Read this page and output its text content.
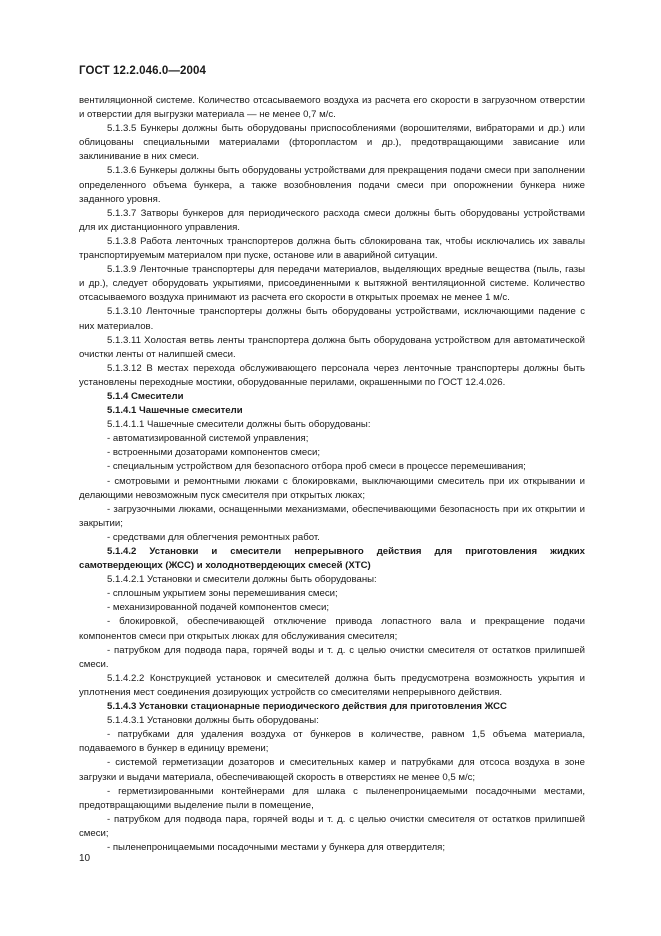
ГОСТ 12.2.046.0—2004

вентиляционной системе. Количество отсасываемого воздуха из расчета его скорости в загрузочном отверстии и отверстии для выгрузки материала — не менее 0,7 м/с.

5.1.3.5 Бункеры должны быть оборудованы приспособлениями (ворошителями, вибраторами и др.) или облицованы специальными материалами (фторопластом и др.), предотвращающими зависание или заклинивание в них смеси.

5.1.3.6 Бункеры должны быть оборудованы устройствами для прекращения подачи смеси при заполнении определенного объема бункера, а также возобновления подачи смеси при опорожнении бункера ниже заданного уровня.

5.1.3.7 Затворы бункеров для периодического расхода смеси должны быть оборудованы устройствами для их дистанционного управления.

5.1.3.8 Работа ленточных транспортеров должна быть сблокирована так, чтобы исключались их завалы транспортируемым материалом при пуске, останове или в аварийной ситуации.

5.1.3.9 Ленточные транспортеры для передачи материалов, выделяющих вредные вещества (пыль, газы и др.), следует оборудовать укрытиями, присоединенными к вытяжной вентиляционной системе. Количество отсасываемого воздуха принимают из расчета его скорости в открытых проемах не менее 1 м/с.

5.1.3.10 Ленточные транспортеры должны быть оборудованы устройствами, исключающими падение с них материалов.

5.1.3.11 Холостая ветвь ленты транспортера должна быть оборудована устройством для автоматической очистки ленты от налипшей смеси.

5.1.3.12 В местах перехода обслуживающего персонала через ленточные транспортеры должны быть установлены переходные мостики, оборудованные перилами, окрашенными по ГОСТ 12.4.026.

5.1.4 Смесители

5.1.4.1 Чашечные смесители

5.1.4.1.1 Чашечные смесители должны быть оборудованы:

- автоматизированной системой управления;

- встроенными дозаторами компонентов смеси;

- специальным устройством для безопасного отбора проб смеси в процессе перемешивания;

- смотровыми и ремонтными люками с блокировками, выключающими смеситель при их открывании и делающими невозможным пуск смесителя при открытых люках;

- загрузочными люками, оснащенными механизмами, обеспечивающими безопасность при их открытии и закрытии;

- средствами для облегчения ремонтных работ.

5.1.4.2 Установки и смесители непрерывного действия для приготовления жидких самотвердеющих (ЖСС) и холоднотвердеющих смесей (ХТС)

5.1.4.2.1 Установки и смесители должны быть оборудованы:

- сплошным укрытием зоны перемешивания смеси;

- механизированной подачей компонентов смеси;

- блокировкой, обеспечивающей отключение привода лопастного вала и прекращение подачи компонентов смеси при открытых люках для обслуживания смесителя;

- патрубком для подвода пара, горячей воды и т. д. с целью очистки смесителя от остатков прилипшей смеси.

5.1.4.2.2 Конструкцией установок и смесителей должна быть предусмотрена возможность укрытия и уплотнения мест соединения дозирующих устройств со смесителями непрерывного действия.

5.1.4.3 Установки стационарные периодического действия для приготовления ЖСС

5.1.4.3.1 Установки должны быть оборудованы:

- патрубками для удаления воздуха от бункеров в количестве, равном 1,5 объема материала, подаваемого в бункер в единицу времени;

- системой герметизации дозаторов и смесительных камер и патрубками для отсоса воздуха в зоне загрузки и выдачи материала, обеспечивающей скорость в отверстиях не менее 0,5 м/с;

- герметизированными контейнерами для шлака с пыленепроницаемыми посадочными местами, предотвращающими выделение пыли в помещение,

- патрубком для подвода пара, горячей воды и т. д. с целью очистки смесителя от остатков прилипшей смеси;

- пыленепроницаемыми посадочными местами у бункера для отвердителя;

10
